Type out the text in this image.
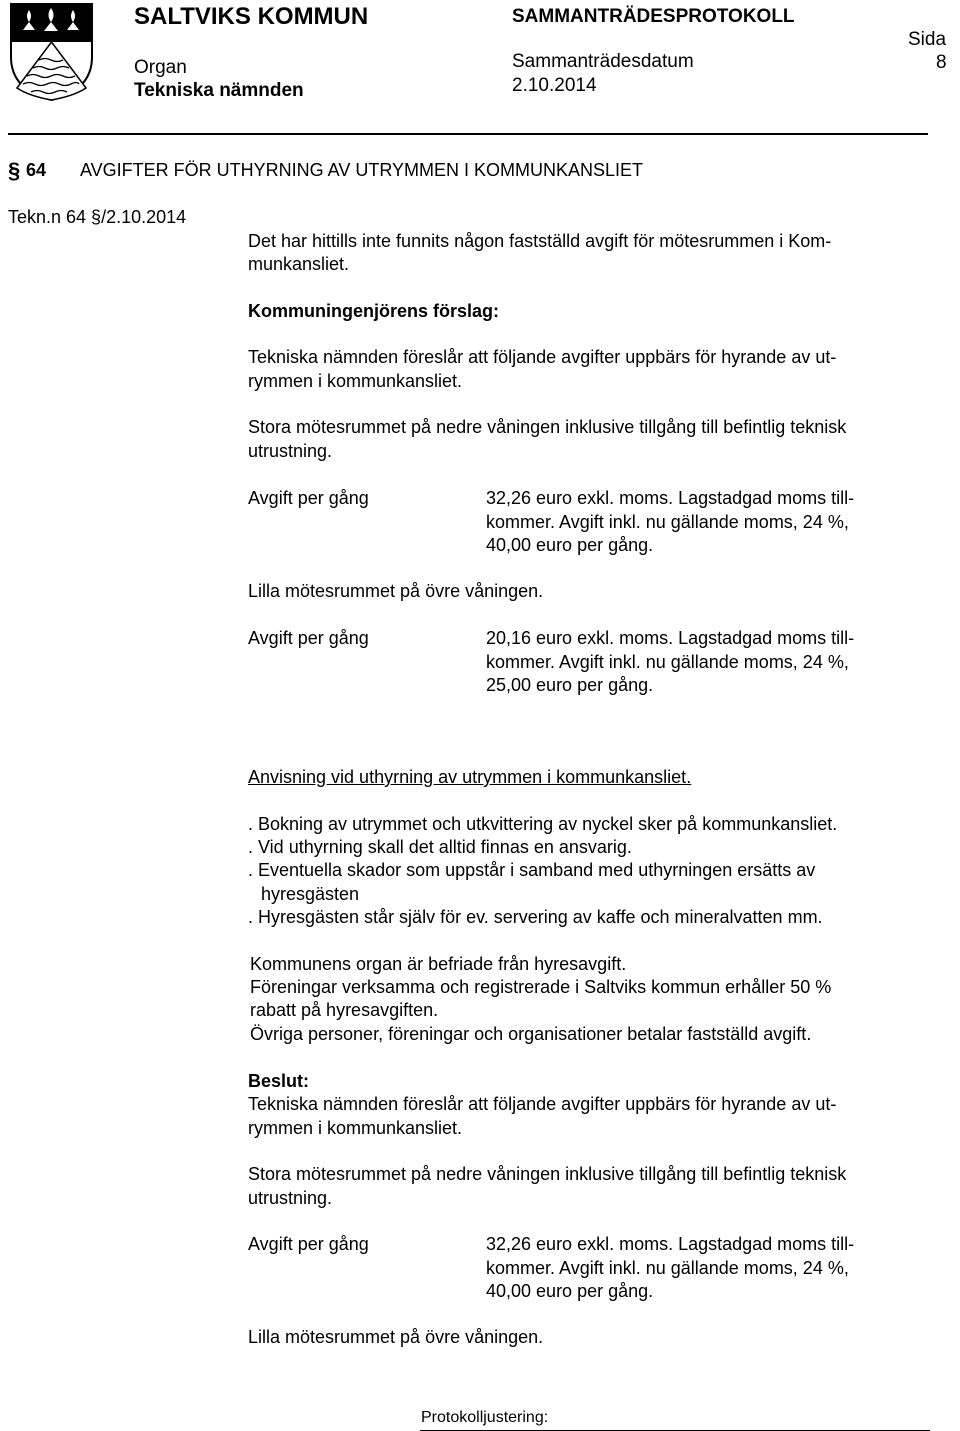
SALTVIKS KOMMUN
Organ
Tekniska nämnden
SAMMANTRÄDESPROTOKOLL
Sammanträdesdatum
2.10.2014
Sida
8
§ 64 AVGIFTER FÖR UTHYRNING AV UTRYMMEN I KOMMUNKANSLIET
Tekn.n 64 §/2.10.2014
Det har hittills inte funnits någon fastställd avgift för mötesrummen i Kom-
munkansliet.
Kommuningenjörens förslag:
Tekniska nämnden föreslår att följande avgifter uppbärs för hyrande av ut-
rymmen i kommunkansliet.
Stora mötesrummet på nedre våningen inklusive tillgång till befintlig teknisk
utrustning.
Avgift per gång	32,26 euro exkl. moms. Lagstadgad moms till-
kommer. Avgift inkl. nu gällande moms, 24 %,
40,00 euro per gång.
Lilla mötesrummet på övre våningen.
Avgift per gång	20,16 euro exkl. moms. Lagstadgad moms till-
kommer. Avgift inkl. nu gällande moms, 24 %,
25,00 euro per gång.
Anvisning vid uthyrning av utrymmen i kommunkansliet.
. Bokning av utrymmet och utkvittering av nyckel sker på kommunkansliet.
. Vid uthyrning skall det alltid finnas en ansvarig.
. Eventuella skador som uppstår i samband med uthyrningen ersätts av
hyresgästen
. Hyresgästen står själv för ev. servering av kaffe och mineralvatten mm.
Kommunens organ är befriade från hyresavgift.
Föreningar verksamma och registrerade i Saltviks kommun erhåller 50 %
rabatt på hyresavgiften.
Övriga personer, föreningar och organisationer betalar fastställd avgift.
Beslut:
Tekniska nämnden föreslår att följande avgifter uppbärs för hyrande av ut-
rymmen i kommunkansliet.
Stora mötesrummet på nedre våningen inklusive tillgång till befintlig teknisk
utrustning.
Avgift per gång	32,26 euro exkl. moms. Lagstadgad moms till-
kommer. Avgift inkl. nu gällande moms, 24 %,
40,00 euro per gång.
Lilla mötesrummet på övre våningen.
Protokolljustering:
